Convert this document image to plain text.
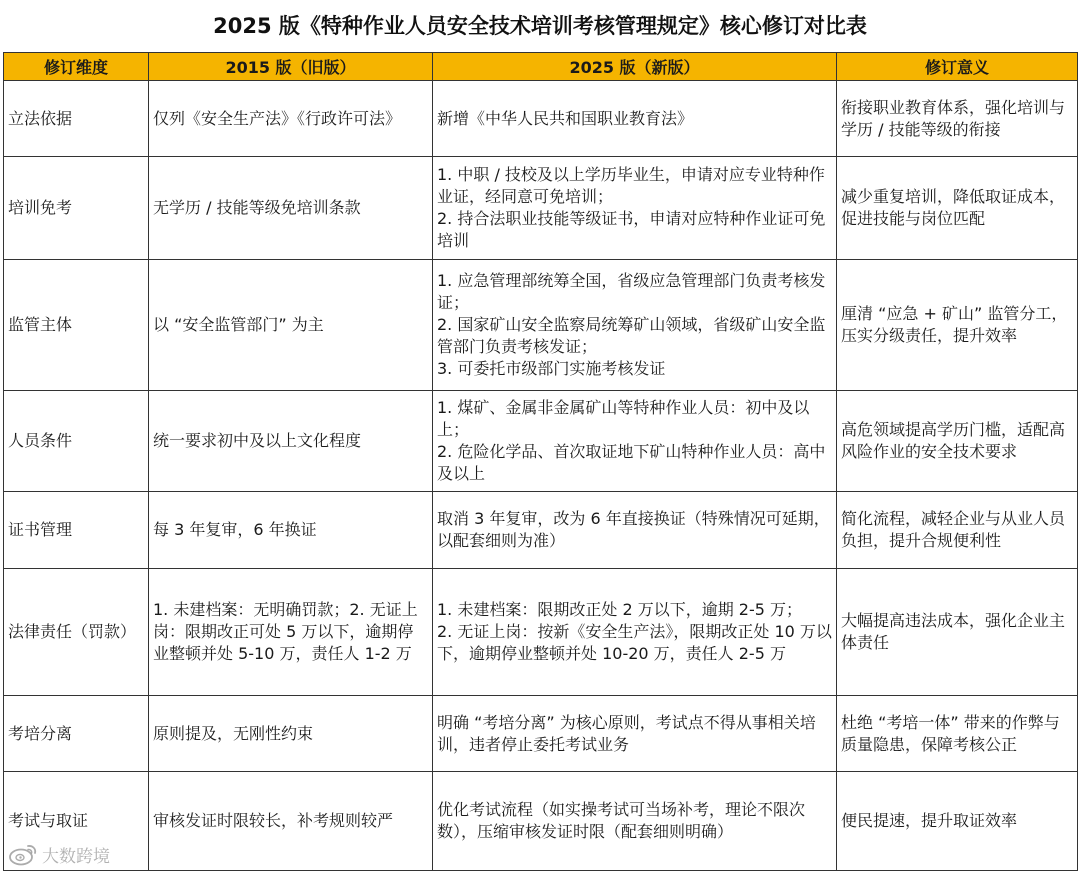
2025 版《特种作业人员安全技术培训考核管理规定》核心修订对比表
修订维度	2015 版（旧版）	2025 版（新版）	修订意义
立法依据	仅列《安全生产法》《行政许可法》	新增《中华人民共和国职业教育法》	衔接职业教育体系，强化培训与学历 / 技能等级的衔接
培训免考	无学历 / 技能等级免培训条款	1. 中职 / 技校及以上学历毕业生，申请对应专业特种作业证，经同意可免培训；
2. 持合法职业技能等级证书，申请对应特种作业证可免培训	减少重复培训，降低取证成本，促进技能与岗位匹配
监管主体	以 “安全监管部门” 为主	1. 应急管理部统筹全国，省级应急管理部门负责考核发证；
2. 国家矿山安全监察局统筹矿山领域，省级矿山安全监管部门负责考核发证；
3. 可委托市级部门实施考核发证	厘清 “应急 + 矿山” 监管分工，压实分级责任，提升效率
人员条件	统一要求初中及以上文化程度	1. 煤矿、金属非金属矿山等特种作业人员：初中及以上；
2. 危险化学品、首次取证地下矿山特种作业人员：高中及以上	高危领域提高学历门槛，适配高风险作业的安全技术要求
证书管理	每 3 年复审，6 年换证	取消 3 年复审，改为 6 年直接换证（特殊情况可延期，以配套细则为准）	简化流程，减轻企业与从业人员负担，提升合规便利性
法律责任（罚款）	1. 未建档案：无明确罚款；2. 无证上岗：限期改正可处 5 万以下，逾期停业整顿并处 5-10 万，责任人 1-2 万	1. 未建档案：限期改正处 2 万以下，逾期 2-5 万；
2. 无证上岗：按新《安全生产法》，限期改正处 10 万以下，逾期停业整顿并处 10-20 万，责任人 2-5 万	大幅提高违法成本，强化企业主体责任
考培分离	原则提及，无刚性约束	明确 “考培分离” 为核心原则，考试点不得从事相关培训，违者停止委托考试业务	杜绝 “考培一体” 带来的作弊与质量隐患，保障考核公正
考试与取证	审核发证时限较长，补考规则较严	优化考试流程（如实操考试可当场补考，理论不限次数），压缩审核发证时限（配套细则明确）	便民提速，提升取证效率
大数跨境
